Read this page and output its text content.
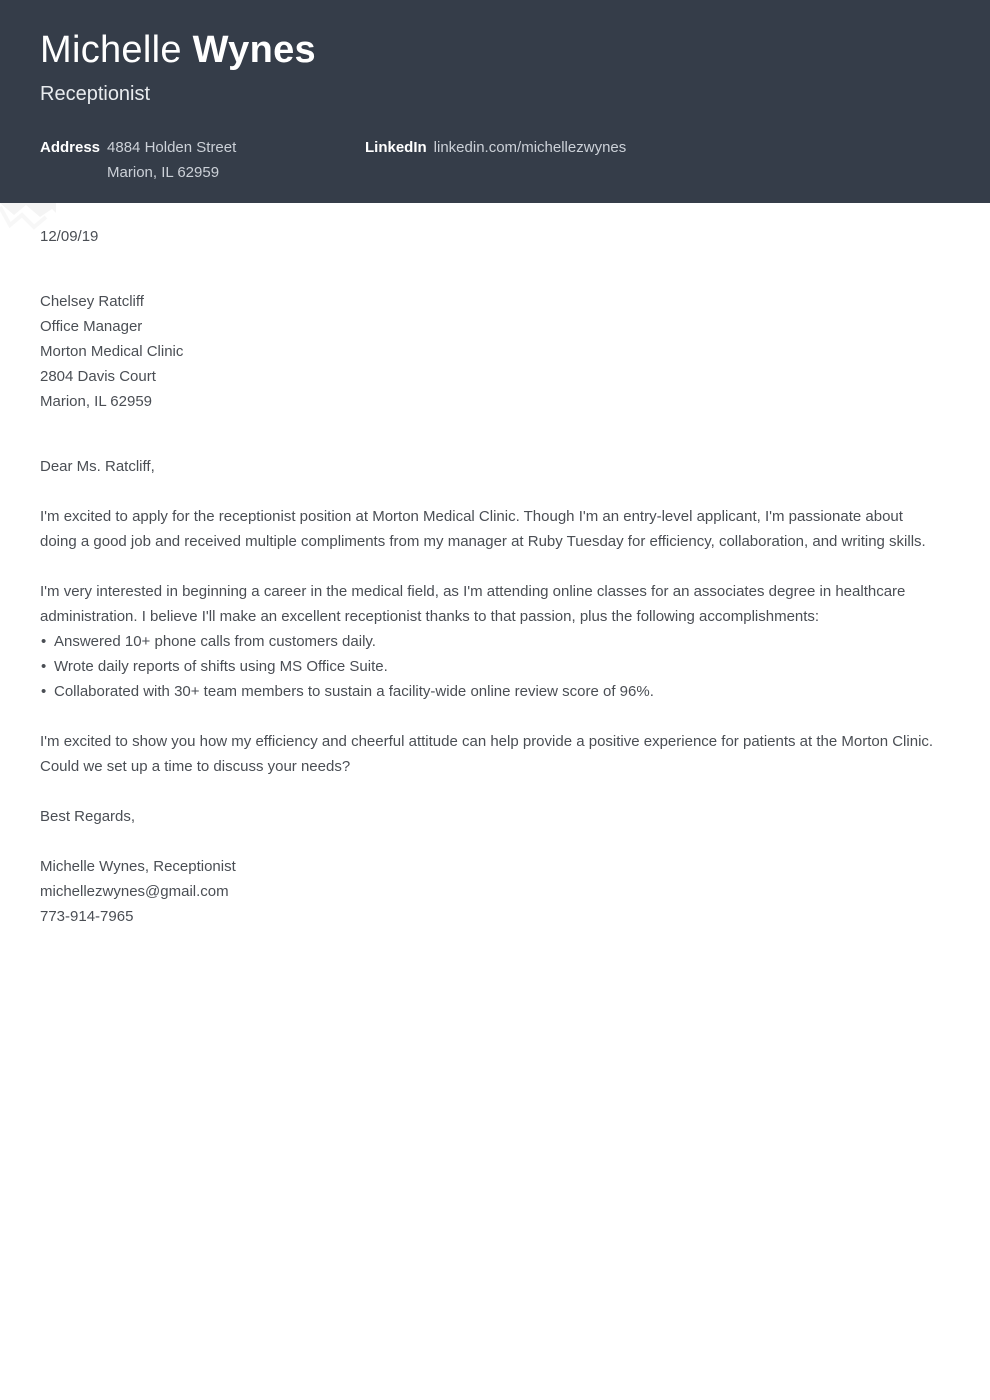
Michelle Wynes
Receptionist
Address 4884 Holden Street
Marion, IL 62959
LinkedIn linkedin.com/michellezwynes
12/09/19
Chelsey Ratcliff
Office Manager
Morton Medical Clinic
2804 Davis Court
Marion, IL 62959
Dear Ms. Ratcliff,

I'm excited to apply for the receptionist position at Morton Medical Clinic. Though I'm an entry-level applicant, I'm passionate about doing a good job and received multiple compliments from my manager at Ruby Tuesday for efficiency, collaboration, and writing skills.

I'm very interested in beginning a career in the medical field, as I'm attending online classes for an associates degree in healthcare administration. I believe I'll make an excellent receptionist thanks to that passion, plus the following accomplishments:

• Answered 10+ phone calls from customers daily.
• Wrote daily reports of shifts using MS Office Suite.
• Collaborated with 30+ team members to sustain a facility-wide online review score of 96%.

I'm excited to show you how my efficiency and cheerful attitude can help provide a positive experience for patients at the Morton Clinic. Could we set up a time to discuss your needs?

Best Regards,
Michelle Wynes, Receptionist
michellezwynes@gmail.com
773-914-7965
